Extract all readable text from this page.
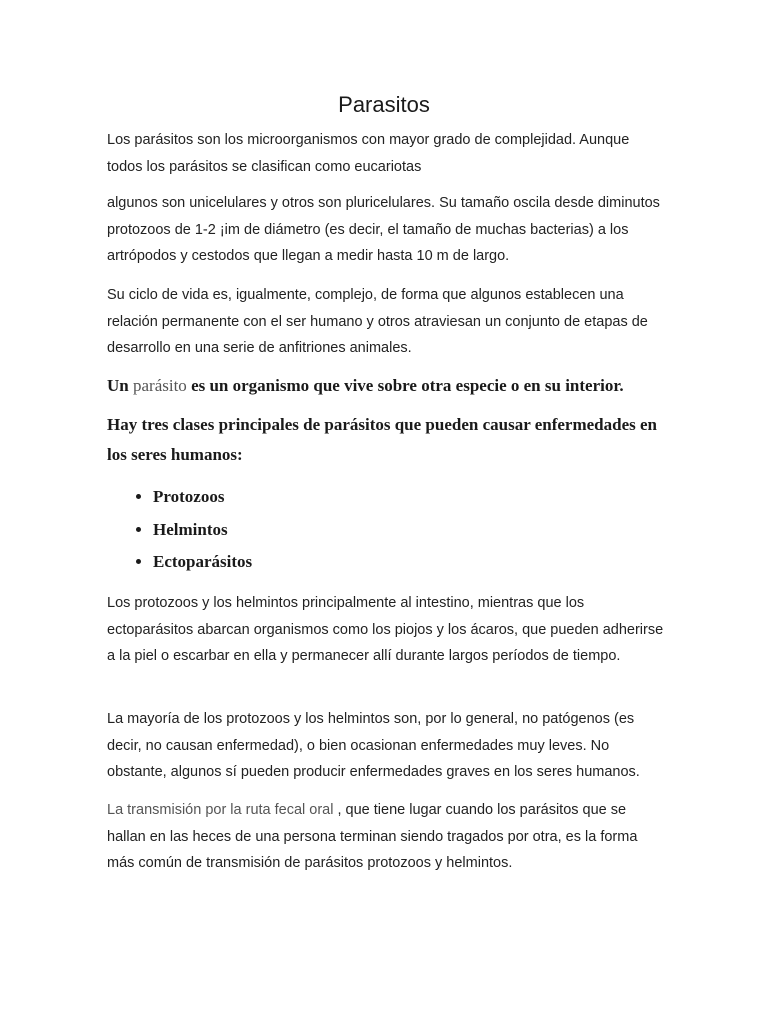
Parasitos

Los parásitos son los microorganismos con mayor grado de complejidad. Aunque todos los parásitos se clasifican como eucariotas

algunos son unicelulares y otros son pluricelulares. Su tamaño oscila desde diminutos protozoos de 1-2 ¡im de diámetro (es decir, el tamaño de muchas bacterias) a los artrópodos y cestodos que llegan a medir hasta 10 m de largo.

Su ciclo de vida es, igualmente, complejo, de forma que algunos establecen una relación permanente con el ser humano y otros atraviesan un conjunto de etapas de desarrollo en una serie de anfitriones animales.

Un parásito es un organismo que vive sobre otra especie o en su interior.

Hay tres clases principales de parásitos que pueden causar enfermedades en los seres humanos:

• Protozoos
• Helmintos
• Ectoparásitos

Los protozoos y los helmintos principalmente al intestino, mientras que los ectoparásitos abarcan organismos como los piojos y los ácaros, que pueden adherirse a la piel o escarbar en ella y permanecer allí durante largos períodos de tiempo.

La mayoría de los protozoos y los helmintos son, por lo general, no patógenos (es decir, no causan enfermedad), o bien ocasionan enfermedades muy leves. No obstante, algunos sí pueden producir enfermedades graves en los seres humanos.

La transmisión por la ruta fecal oral , que tiene lugar cuando los parásitos que se hallan en las heces de una persona terminan siendo tragados por otra, es la forma más común de transmisión de parásitos protozoos y helmintos.
